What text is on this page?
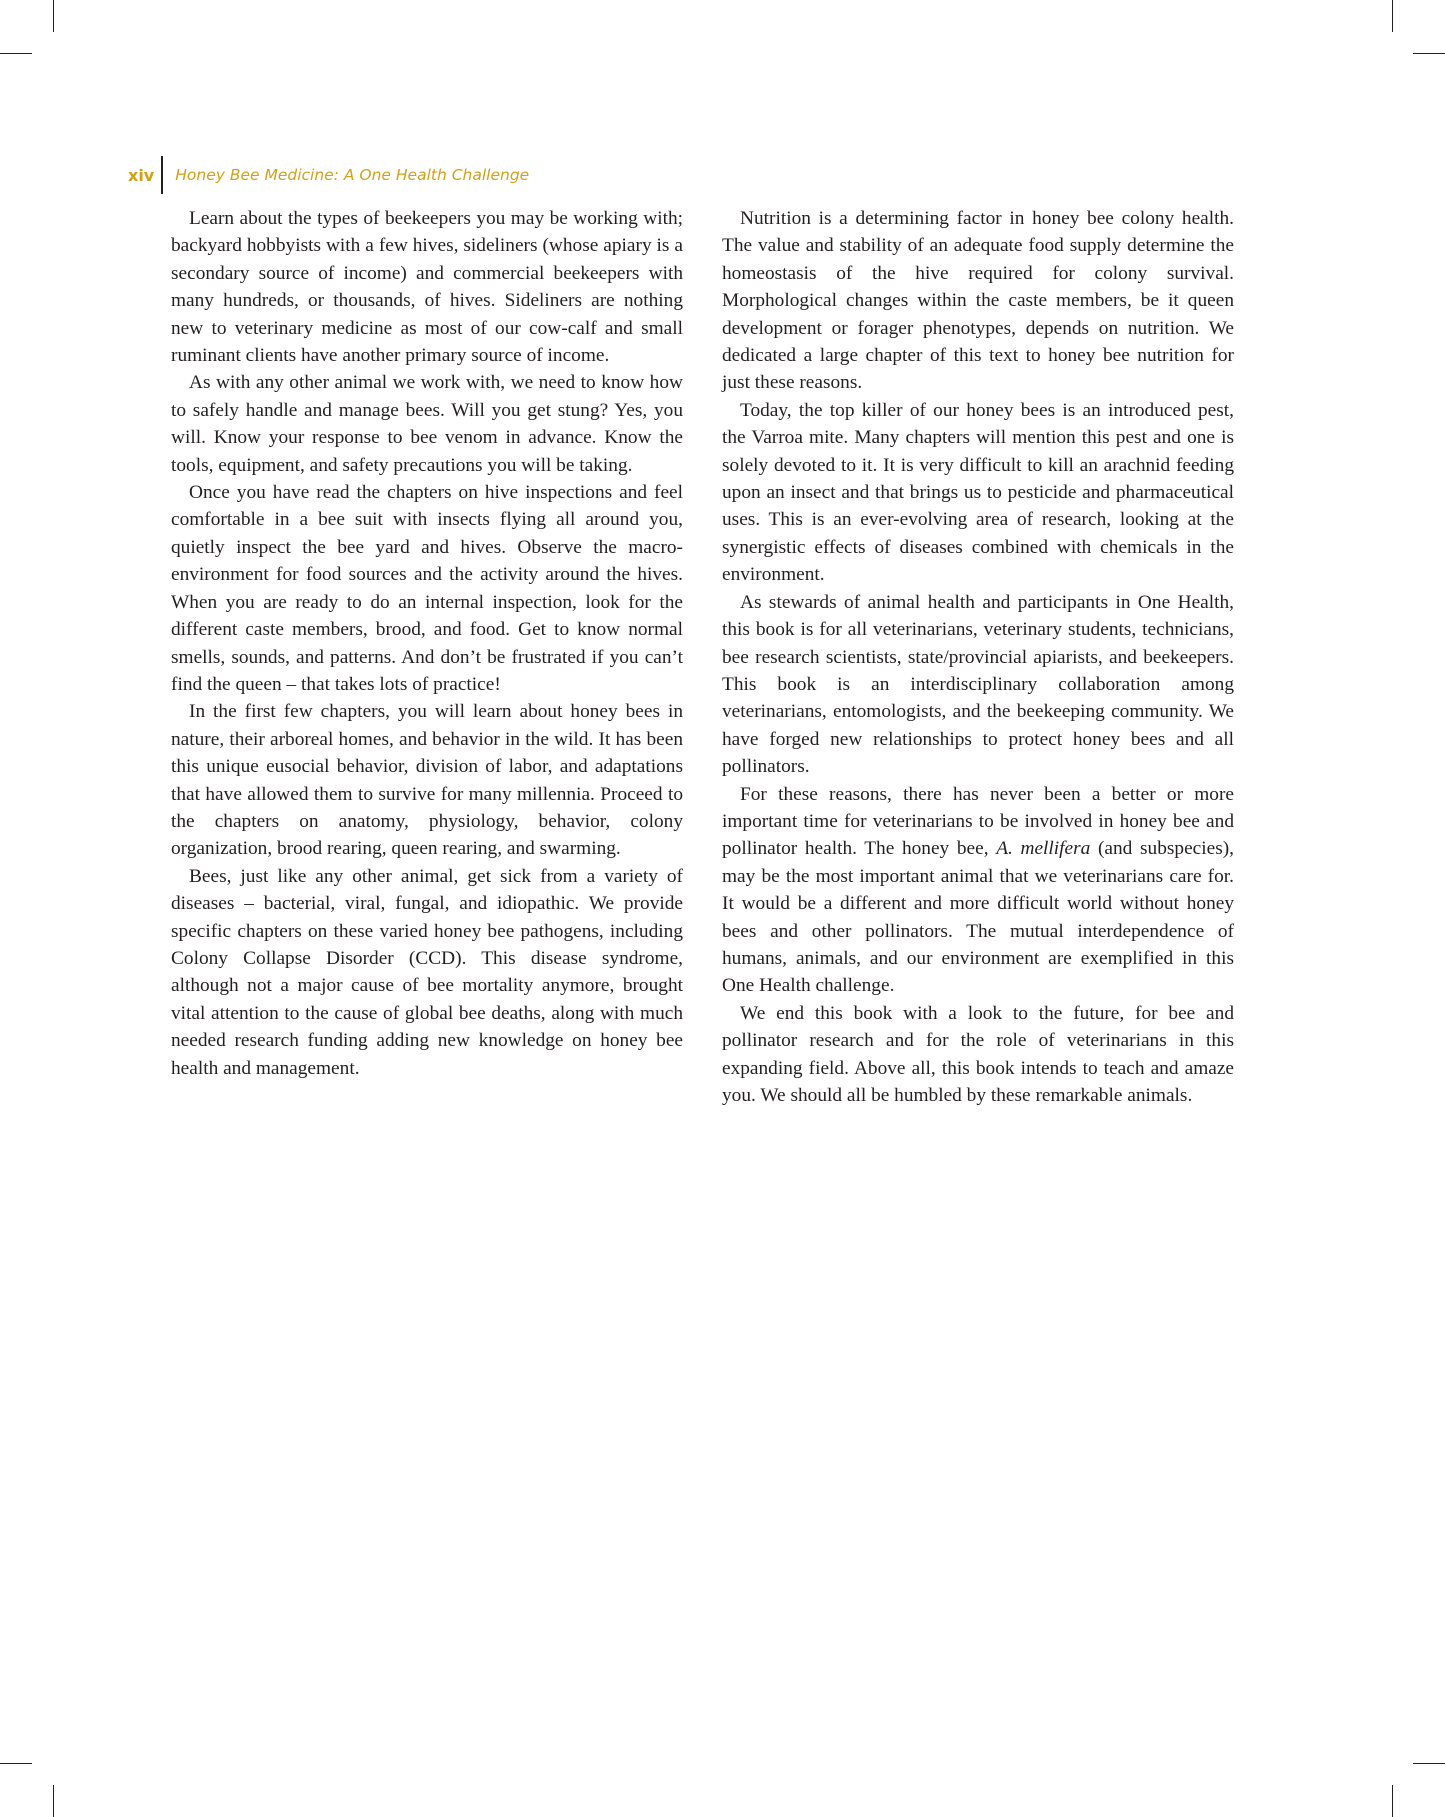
xiv	Honey Bee Medicine: A One Health Challenge

Learn about the types of beekeepers you may be working with; backyard hobbyists with a few hives, sideliners (whose apiary is a secondary source of income) and commercial beekeepers with many hundreds, or thousands, of hives. Sideliners are nothing new to veterinary medicine as most of our cow-calf and small ruminant clients have another primary source of income.

As with any other animal we work with, we need to know how to safely handle and manage bees. Will you get stung? Yes, you will. Know your response to bee venom in advance. Know the tools, equipment, and safety precautions you will be taking.

Once you have read the chapters on hive inspections and feel comfortable in a bee suit with insects flying all around you, quietly inspect the bee yard and hives. Observe the macro-environment for food sources and the activity around the hives. When you are ready to do an internal inspection, look for the different caste members, brood, and food. Get to know normal smells, sounds, and patterns. And don’t be frustrated if you can’t find the queen – that takes lots of practice!

In the first few chapters, you will learn about honey bees in nature, their arboreal homes, and behavior in the wild. It has been this unique eusocial behavior, division of labor, and adaptations that have allowed them to survive for many millennia. Proceed to the chapters on anatomy, physiology, behavior, colony organization, brood rearing, queen rearing, and swarming.

Bees, just like any other animal, get sick from a variety of diseases – bacterial, viral, fungal, and idiopathic. We provide specific chapters on these varied honey bee pathogens, including Colony Collapse Disorder (CCD). This disease syndrome, although not a major cause of bee mortality anymore, brought vital attention to the cause of global bee deaths, along with much needed research funding adding new knowledge on honey bee health and management.

Nutrition is a determining factor in honey bee colony health. The value and stability of an adequate food supply determine the homeostasis of the hive required for colony survival. Morphological changes within the caste members, be it queen development or forager phenotypes, depends on nutrition. We dedicated a large chapter of this text to honey bee nutrition for just these reasons.

Today, the top killer of our honey bees is an introduced pest, the Varroa mite. Many chapters will mention this pest and one is solely devoted to it. It is very difficult to kill an arachnid feeding upon an insect and that brings us to pesticide and pharmaceutical uses. This is an ever-evolving area of research, looking at the synergistic effects of diseases combined with chemicals in the environment.

As stewards of animal health and participants in One Health, this book is for all veterinarians, veterinary students, technicians, bee research scientists, state/provincial apiarists, and beekeepers. This book is an interdisciplinary collaboration among veterinarians, entomologists, and the beekeeping community. We have forged new relationships to protect honey bees and all pollinators.

For these reasons, there has never been a better or more important time for veterinarians to be involved in honey bee and pollinator health. The honey bee, A. mellifera (and subspecies), may be the most important animal that we veterinarians care for. It would be a different and more difficult world without honey bees and other pollinators. The mutual interdependence of humans, animals, and our environment are exemplified in this One Health challenge.

We end this book with a look to the future, for bee and pollinator research and for the role of veterinarians in this expanding field. Above all, this book intends to teach and amaze you. We should all be humbled by these remarkable animals.
